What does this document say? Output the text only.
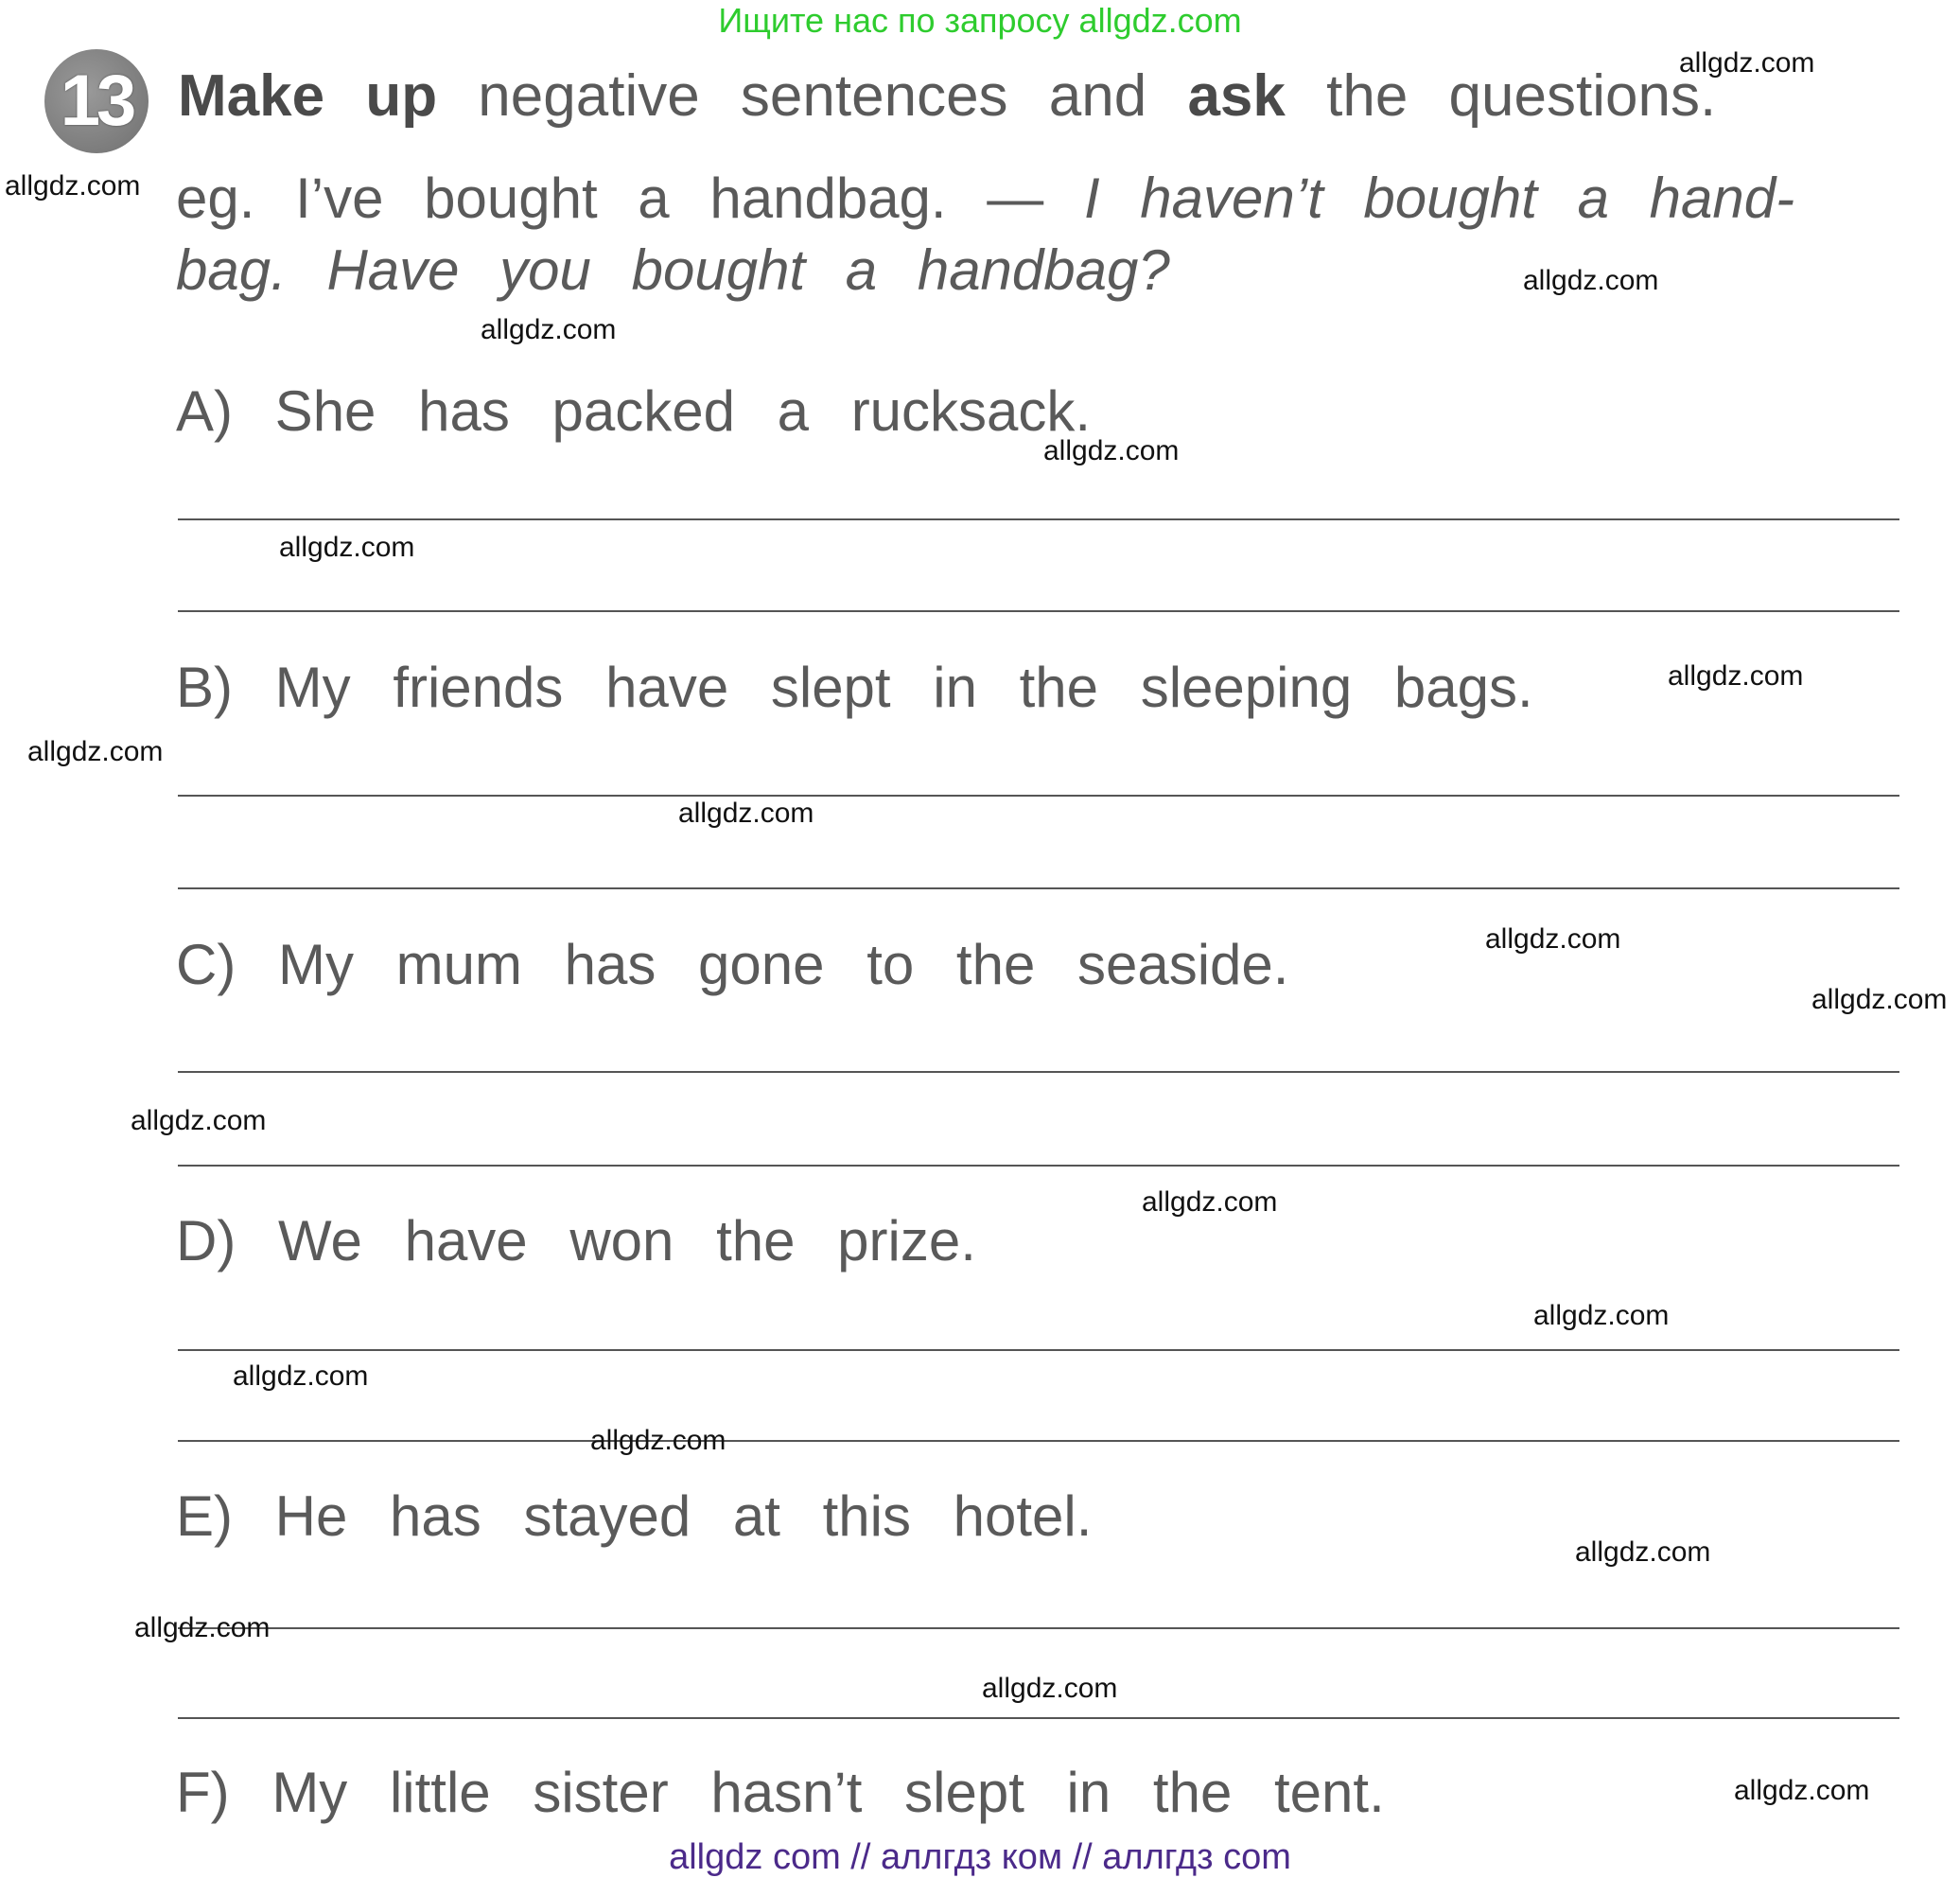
Ищите нас по запросу allgdz.com
13 Make up negative sentences and ask the questions.
eg. I’ve bought a handbag. — I haven’t bought a hand- bag. Have you bought a handbag?
A) She has packed a rucksack.
B) My friends have slept in the sleeping bags.
C) My mum has gone to the seaside.
D) We have won the prize.
E) He has stayed at this hotel.
F) My little sister hasn’t slept in the tent.
allgdz.com
allgdz.com
allgdz.com
allgdz.com
allgdz.com
allgdz.com
allgdz.com
allgdz.com
allgdz.com
allgdz.com
allgdz.com
allgdz.com
allgdz.com
allgdz.com
allgdz.com
allgdz.com
allgdz.com
allgdz.com
allgdz.com
allgdz.com
allgdz com // аллгдз ком // аллгдз com
